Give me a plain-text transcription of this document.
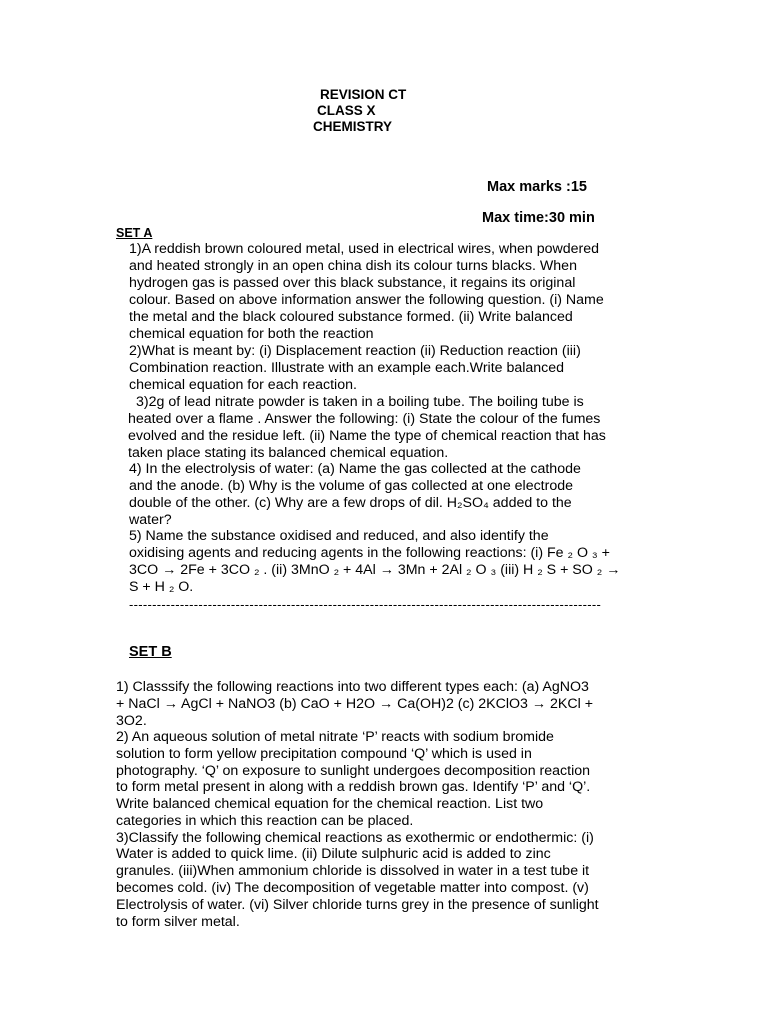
REVISION CT
CLASS X
CHEMISTRY
Max marks :15
Max time:30 min
SET A
1)A reddish brown coloured metal, used in electrical wires, when powdered
and heated strongly in an open china dish its colour turns blacks. When
hydrogen gas is passed over this black substance, it regains its original
colour. Based on above information answer the following question. (i) Name
the metal and the black coloured substance formed. (ii) Write balanced
chemical equation for both the reaction
2)What is meant by: (i) Displacement reaction (ii) Reduction reaction (iii)
Combination reaction. Illustrate with an example each.Write balanced
chemical equation for each reaction.
3)2g of lead nitrate powder is taken in a boiling tube. The boiling tube is
heated over a flame . Answer the following: (i) State the colour of the fumes
evolved and the residue left. (ii) Name the type of chemical reaction that has
taken place stating its balanced chemical equation.
4) In the electrolysis of water: (a) Name the gas collected at the cathode
and the anode. (b) Why is the volume of gas collected at one electrode
double of the other. (c) Why are a few drops of dil. H₂SO₄ added to the
water?
5) Name the substance oxidised and reduced, and also identify the
oxidising agents and reducing agents in the following reactions: (i) Fe ₂ O ₃ +
3CO → 2Fe + 3CO ₂ . (ii) 3MnO ₂ + 4Al → 3Mn + 2Al ₂ O ₃ (iii) H ₂ S + SO ₂ →
S + H ₂ O.
------------------------------------------------------------------------------------------------------
SET B
1) Classsify the following reactions into two different types each: (a) AgNO3
+ NaCl → AgCl + NaNO3 (b) CaO + H2O → Ca(OH)2 (c) 2KClO3 → 2KCl +
3O2.
2) An aqueous solution of metal nitrate ‘P’ reacts with sodium bromide
solution to form yellow precipitation compound ‘Q’ which is used in
photography. ‘Q’ on exposure to sunlight undergoes decomposition reaction
to form metal present in along with a reddish brown gas. Identify ‘P’ and ‘Q’.
Write balanced chemical equation for the chemical reaction. List two
categories in which this reaction can be placed.
3)Classify the following chemical reactions as exothermic or endothermic: (i)
Water is added to quick lime. (ii) Dilute sulphuric acid is added to zinc
granules. (iii)When ammonium chloride is dissolved in water in a test tube it
becomes cold. (iv) The decomposition of vegetable matter into compost. (v)
Electrolysis of water. (vi) Silver chloride turns grey in the presence of sunlight
to form silver metal.
